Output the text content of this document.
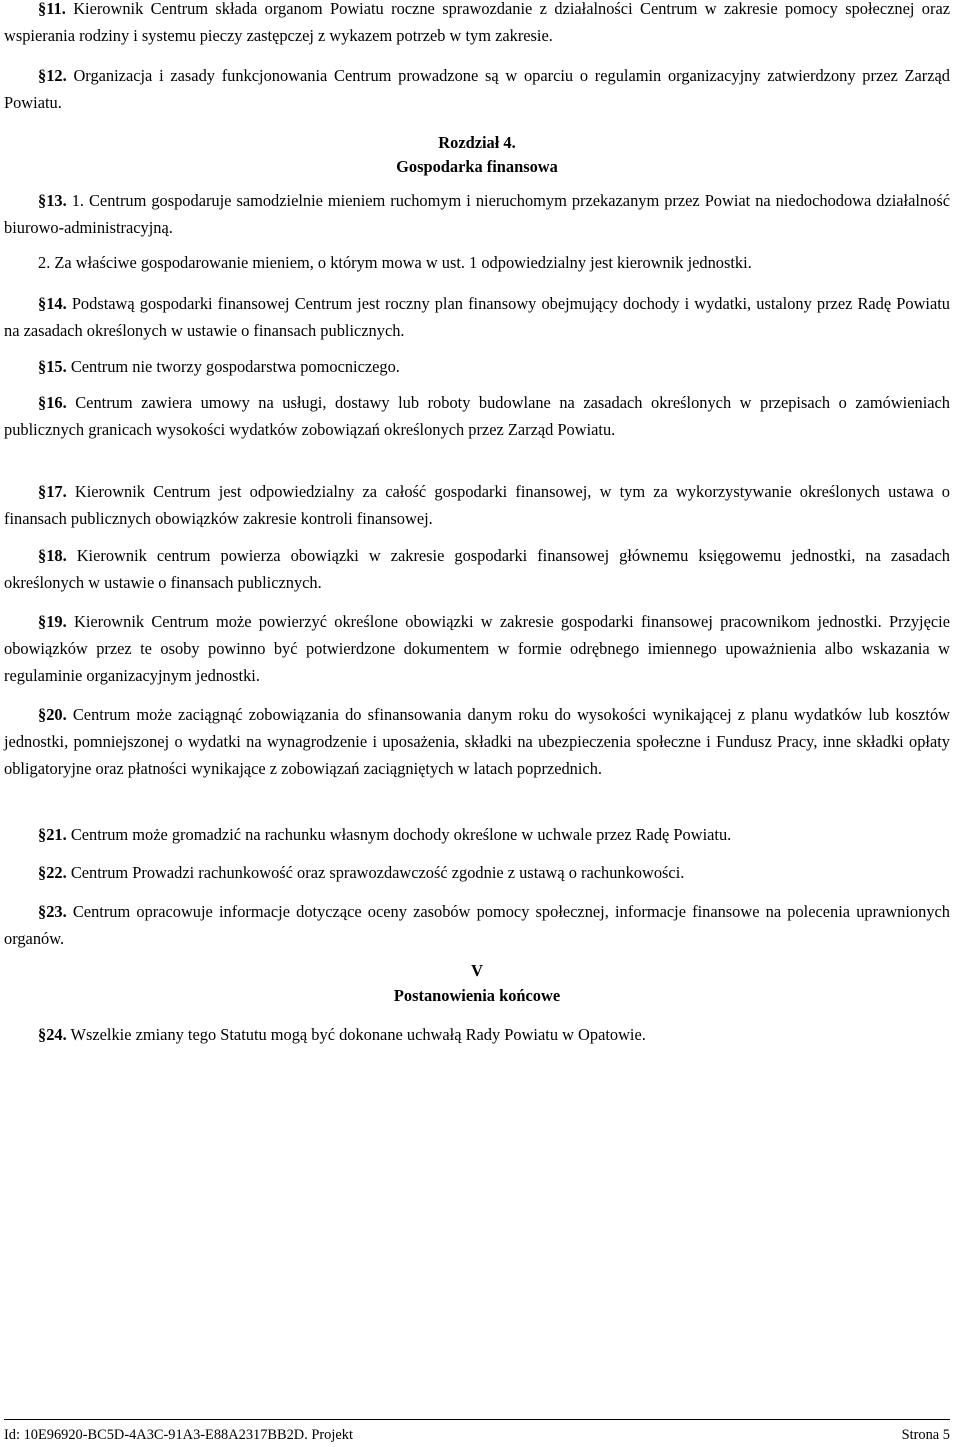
§11. Kierownik Centrum składa organom Powiatu roczne sprawozdanie z działalności Centrum w zakresie pomocy społecznej oraz wspierania rodziny i systemu pieczy zastępczej z wykazem potrzeb w tym zakresie.

§12. Organizacja i zasady funkcjonowania Centrum prowadzone są w oparciu o regulamin organizacyjny zatwierdzony przez Zarząd Powiatu.

Rozdział 4.
Gospodarka finansowa

§13. 1. Centrum gospodaruje samodzielnie mieniem ruchomym i nieruchomym przekazanym przez Powiat na niedochodowa działalność biurowo-administracyjną.

2. Za właściwe gospodarowanie mieniem, o którym mowa w ust. 1 odpowiedzialny jest kierownik jednostki.

§14. Podstawą gospodarki finansowej Centrum jest roczny plan finansowy obejmujący dochody i wydatki, ustalony przez Radę Powiatu na zasadach określonych w ustawie o finansach publicznych.

§15. Centrum nie tworzy gospodarstwa pomocniczego.

§16. Centrum zawiera umowy na usługi, dostawy lub roboty budowlane na zasadach określonych w przepisach o zamówieniach publicznych granicach wysokości wydatków zobowiązań określonych przez Zarząd Powiatu.

§17. Kierownik Centrum jest odpowiedzialny za całość gospodarki finansowej, w tym za wykorzystywanie określonych ustawa o finansach publicznych obowiązków zakresie kontroli finansowej.

§18. Kierownik centrum powierza obowiązki w zakresie gospodarki finansowej głównemu księgowemu jednostki, na zasadach określonych w ustawie o finansach publicznych.

§19. Kierownik Centrum może powierzyć określone obowiązki w zakresie gospodarki finansowej pracownikom jednostki. Przyjęcie obowiązków przez te osoby powinno być potwierdzone dokumentem w formie odrębnego imiennego upoważnienia albo wskazania w regulaminie organizacyjnym jednostki.

§20. Centrum może zaciągnąć zobowiązania do sfinansowania danym roku do wysokości wynikającej z planu wydatków lub kosztów jednostki, pomniejszonej o wydatki na wynagrodzenie i uposażenia, składki na ubezpieczenia społeczne i Fundusz Pracy, inne składki opłaty obligatoryjne oraz płatności wynikające z zobowiązań zaciągniętych w latach poprzednich.

§21. Centrum może gromadzić na rachunku własnym dochody określone w uchwale przez Radę Powiatu.

§22. Centrum Prowadzi rachunkowość oraz sprawozdawczość zgodnie z ustawą o rachunkowości.

§23. Centrum opracowuje informacje dotyczące oceny zasobów pomocy społecznej, informacje finansowe na polecenia uprawnionych organów.

V
Postanowienia końcowe

§24. Wszelkie zmiany tego Statutu mogą być dokonane uchwałą Rady Powiatu w Opatowie.

Id: 10E96920-BC5D-4A3C-91A3-E88A2317BB2D. Projekt	Strona 5
